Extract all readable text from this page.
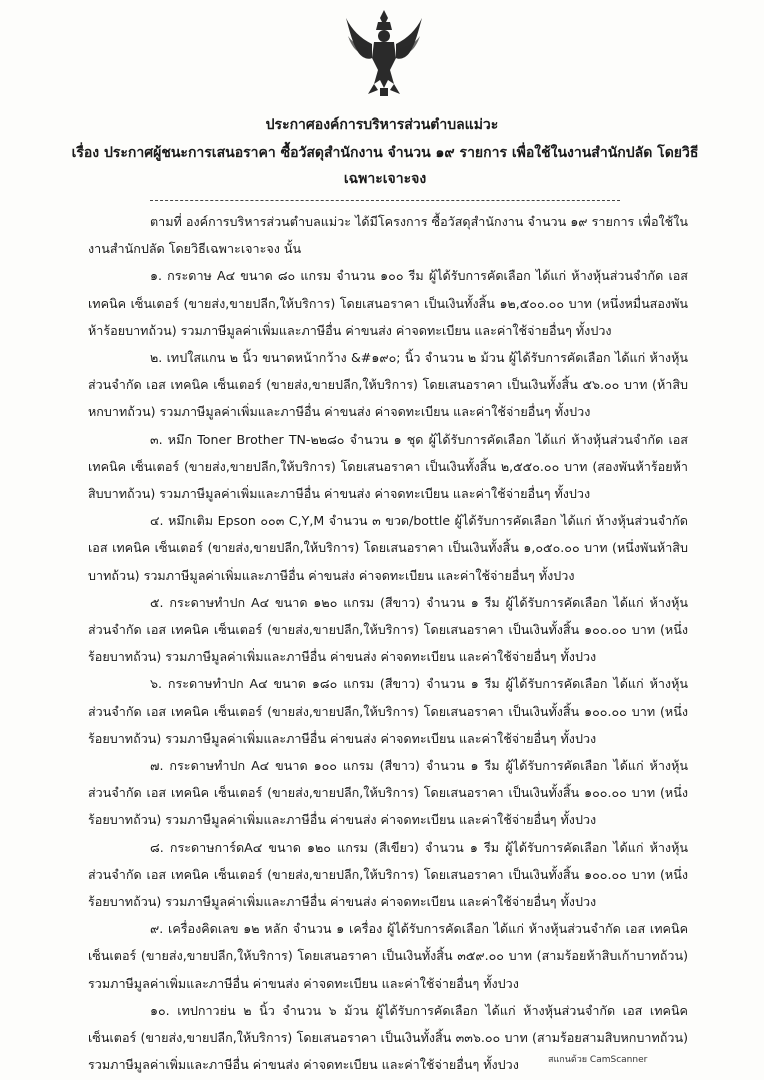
ประกาศองค์การบริหารส่วนตำบลแม่วะ
เรื่อง ประกาศผู้ชนะการเสนอราคา ซื้อวัสดุสำนักงาน จำนวน ๑๙ รายการ เพื่อใช้ในงานสำนักปลัด โดยวิธีเฉพาะเจาะจง

ตามที่ องค์การบริหารส่วนตำบลแม่วะ ได้มีโครงการ ซื้อวัสดุสำนักงาน จำนวน ๑๙ รายการ เพื่อใช้ในงานสำนักปลัด โดยวิธีเฉพาะเจาะจง นั้น

๑. กระดาษ A๔ ขนาด ๘๐ แกรม จำนวน ๑๐๐ รีม ผู้ได้รับการคัดเลือก ได้แก่ ห้างหุ้นส่วนจำกัด เอส เทคนิค เซ็นเตอร์ (ขายส่ง,ขายปลีก,ให้บริการ) โดยเสนอราคา เป็นเงินทั้งสิ้น ๑๒,๕๐๐.๐๐ บาท (หนึ่งหมื่นสองพันห้าร้อยบาทถ้วน) รวมภาษีมูลค่าเพิ่มและภาษีอื่น ค่าขนส่ง ค่าจดทะเบียน และค่าใช้จ่ายอื่นๆ ทั้งปวง

๒. เทปใสแกน ๒ นิ้ว ขนาดหน้ากว้าง &#๑๙๐; นิ้ว จำนวน ๒ ม้วน ผู้ได้รับการคัดเลือก ได้แก่ ห้างหุ้นส่วนจำกัด เอส เทคนิค เซ็นเตอร์ (ขายส่ง,ขายปลีก,ให้บริการ) โดยเสนอราคา เป็นเงินทั้งสิ้น ๕๖.๐๐ บาท (ห้าสิบหกบาทถ้วน) รวมภาษีมูลค่าเพิ่มและภาษีอื่น ค่าขนส่ง ค่าจดทะเบียน และค่าใช้จ่ายอื่นๆ ทั้งปวง

๓. หมึก Toner Brother TN-๒๒๘๐ จำนวน ๑ ชุด ผู้ได้รับการคัดเลือก ได้แก่ ห้างหุ้นส่วนจำกัด เอส เทคนิค เซ็นเตอร์ (ขายส่ง,ขายปลีก,ให้บริการ) โดยเสนอราคา เป็นเงินทั้งสิ้น ๒,๕๕๐.๐๐ บาท (สองพันห้าร้อยห้าสิบบาทถ้วน) รวมภาษีมูลค่าเพิ่มและภาษีอื่น ค่าขนส่ง ค่าจดทะเบียน และค่าใช้จ่ายอื่นๆ ทั้งปวง

๔. หมึกเติม Epson ๐๐๓ C,Y,M จำนวน ๓ ขวด/bottle ผู้ได้รับการคัดเลือก ได้แก่ ห้างหุ้นส่วนจำกัด เอส เทคนิค เซ็นเตอร์ (ขายส่ง,ขายปลีก,ให้บริการ) โดยเสนอราคา เป็นเงินทั้งสิ้น ๑,๐๕๐.๐๐ บาท (หนึ่งพันห้าสิบบาทถ้วน) รวมภาษีมูลค่าเพิ่มและภาษีอื่น ค่าขนส่ง ค่าจดทะเบียน และค่าใช้จ่ายอื่นๆ ทั้งปวง

๕. กระดาษทำปก A๔ ขนาด ๑๒๐ แกรม (สีขาว) จำนวน ๑ รีม ผู้ได้รับการคัดเลือก ได้แก่ ห้างหุ้นส่วนจำกัด เอส เทคนิค เซ็นเตอร์ (ขายส่ง,ขายปลีก,ให้บริการ) โดยเสนอราคา เป็นเงินทั้งสิ้น ๑๐๐.๐๐ บาท (หนึ่งร้อยบาทถ้วน) รวมภาษีมูลค่าเพิ่มและภาษีอื่น ค่าขนส่ง ค่าจดทะเบียน และค่าใช้จ่ายอื่นๆ ทั้งปวง

๖. กระดาษทำปก A๔ ขนาด ๑๘๐ แกรม (สีขาว) จำนวน ๑ รีม ผู้ได้รับการคัดเลือก ได้แก่ ห้างหุ้นส่วนจำกัด เอส เทคนิค เซ็นเตอร์ (ขายส่ง,ขายปลีก,ให้บริการ) โดยเสนอราคา เป็นเงินทั้งสิ้น ๑๐๐.๐๐ บาท (หนึ่งร้อยบาทถ้วน) รวมภาษีมูลค่าเพิ่มและภาษีอื่น ค่าขนส่ง ค่าจดทะเบียน และค่าใช้จ่ายอื่นๆ ทั้งปวง

๗. กระดาษทำปก A๔ ขนาด ๑๐๐ แกรม (สีขาว) จำนวน ๑ รีม ผู้ได้รับการคัดเลือก ได้แก่ ห้างหุ้นส่วนจำกัด เอส เทคนิค เซ็นเตอร์ (ขายส่ง,ขายปลีก,ให้บริการ) โดยเสนอราคา เป็นเงินทั้งสิ้น ๑๐๐.๐๐ บาท (หนึ่งร้อยบาทถ้วน) รวมภาษีมูลค่าเพิ่มและภาษีอื่น ค่าขนส่ง ค่าจดทะเบียน และค่าใช้จ่ายอื่นๆ ทั้งปวง

๘. กระดาษการ์ดA๔ ขนาด ๑๒๐ แกรม (สีเขียว) จำนวน ๑ รีม ผู้ได้รับการคัดเลือก ได้แก่ ห้างหุ้นส่วนจำกัด เอส เทคนิค เซ็นเตอร์ (ขายส่ง,ขายปลีก,ให้บริการ) โดยเสนอราคา เป็นเงินทั้งสิ้น ๑๐๐.๐๐ บาท (หนึ่งร้อยบาทถ้วน) รวมภาษีมูลค่าเพิ่มและภาษีอื่น ค่าขนส่ง ค่าจดทะเบียน และค่าใช้จ่ายอื่นๆ ทั้งปวง

๙. เครื่องคิดเลข ๑๒ หลัก จำนวน ๑ เครื่อง ผู้ได้รับการคัดเลือก ได้แก่ ห้างหุ้นส่วนจำกัด เอส เทคนิค เซ็นเตอร์ (ขายส่ง,ขายปลีก,ให้บริการ) โดยเสนอราคา เป็นเงินทั้งสิ้น ๓๕๙.๐๐ บาท (สามร้อยห้าสิบเก้าบาทถ้วน) รวมภาษีมูลค่าเพิ่มและภาษีอื่น ค่าขนส่ง ค่าจดทะเบียน และค่าใช้จ่ายอื่นๆ ทั้งปวง

๑๐. เทปกาวย่น ๒ นิ้ว จำนวน ๖ ม้วน ผู้ได้รับการคัดเลือก ได้แก่ ห้างหุ้นส่วนจำกัด เอส เทคนิค เซ็นเตอร์ (ขายส่ง,ขายปลีก,ให้บริการ) โดยเสนอราคา เป็นเงินทั้งสิ้น ๓๓๖.๐๐ บาท (สามร้อยสามสิบหกบาทถ้วน) รวมภาษีมูลค่าเพิ่มและภาษีอื่น ค่าขนส่ง ค่าจดทะเบียน และค่าใช้จ่ายอื่นๆ ทั้งปวง	สแกนด้วย CamScanner
